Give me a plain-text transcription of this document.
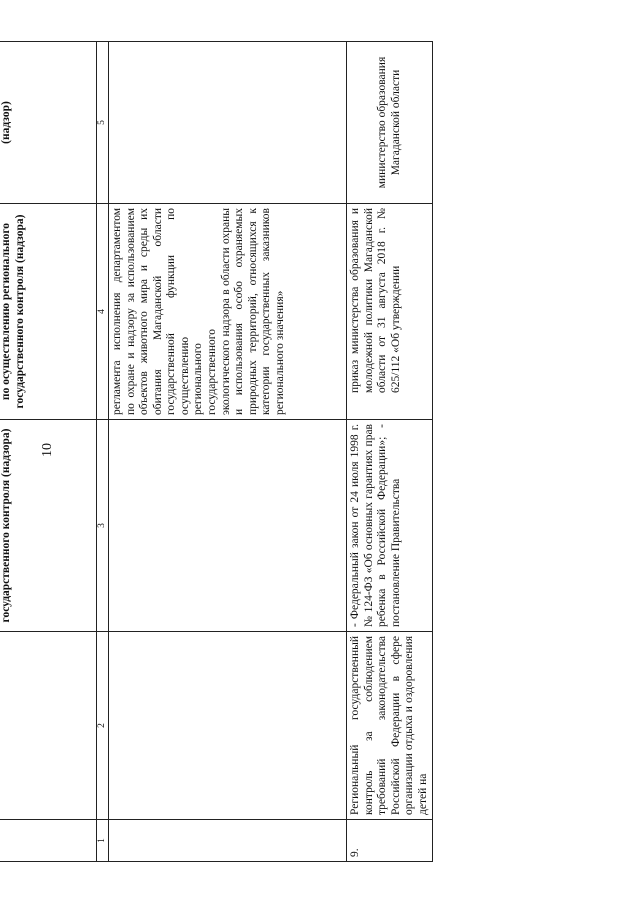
10
		государственного контроля (надзора)	по осуществлению регионального государственного контроля (надзора)	(надзор)
1	2	3	4	5
			регламента исполнения департаментом по охране и надзору за использованием объектов животного мира и среды их обитания Магаданской области государственной функции по осуществлению регионального государственного экологического надзора в области охраны и использования особо охраняемых природных территорий, относящихся к категории государственных заказников регионального значения»	
9.	Региональный государственный контроль за соблюдением требований законодательства Российской Федерации в сфере организации отдыха и оздоровления детей на	- Федеральный закон от 24 июля 1998 г. № 124-ФЗ «Об основных гарантиях прав ребенка в Российской Федерации»; - постановление Правительства	приказ министерства образования и молодежной политики Магаданской области от 31 августа 2018 г. № 625/112 «Об утверждении	министерство образования Магаданской области
